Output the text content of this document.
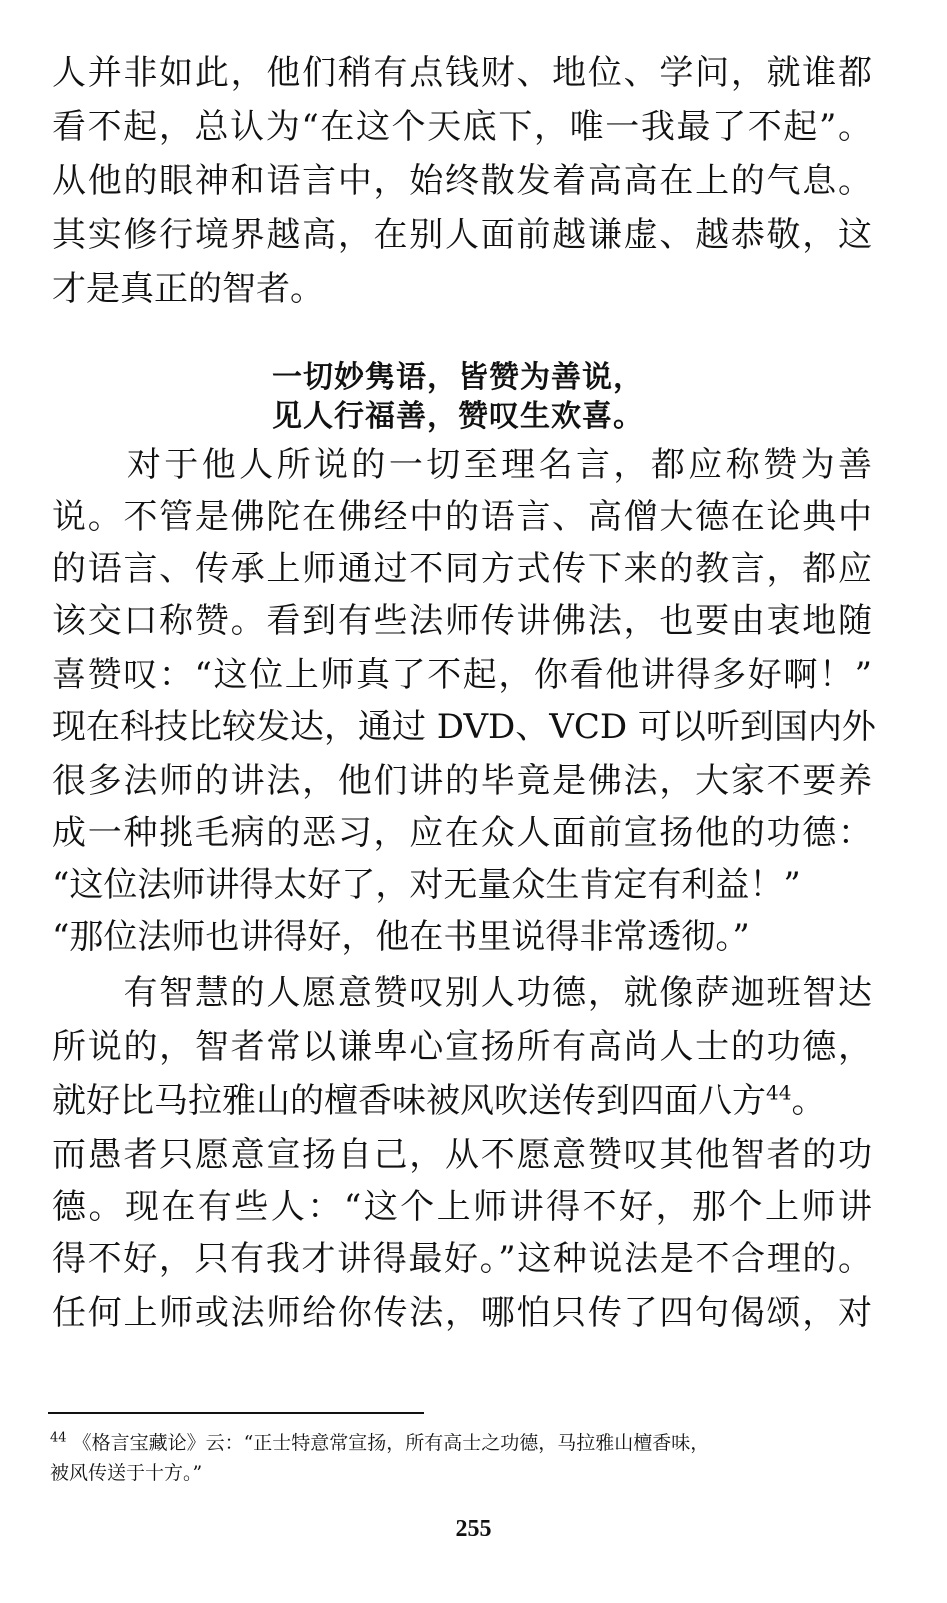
人并非如此，他们稍有点钱财、地位、学问，就谁都
看不起，总认为“在这个天底下，唯一我最了不起”。
从他的眼神和语言中，始终散发着高高在上的气息。
其实修行境界越高，在别人面前越谦虚、越恭敬，这
才是真正的智者。
一切妙隽语，皆赞为善说，
见人行福善，赞叹生欢喜。
　　对于他人所说的一切至理名言，都应称赞为善
说。不管是佛陀在佛经中的语言、高僧大德在论典中
的语言、传承上师通过不同方式传下来的教言，都应
该交口称赞。看到有些法师传讲佛法，也要由衷地随
喜赞叹：“这位上师真了不起，你看他讲得多好啊！”
现在科技比较发达，通过 DVD、VCD 可以听到国内外
很多法师的讲法，他们讲的毕竟是佛法，大家不要养
成一种挑毛病的恶习，应在众人面前宣扬他的功德：
“这位法师讲得太好了，对无量众生肯定有利益！”
“那位法师也讲得好，他在书里说得非常透彻。”
　　有智慧的人愿意赞叹别人功德，就像萨迦班智达
所说的，智者常以谦卑心宣扬所有高尚人士的功德，
就好比马拉雅山的檀香味被风吹送传到四面八方$^{44}$。
而愚者只愿意宣扬自己，从不愿意赞叹其他智者的功
德。现在有些人：“这个上师讲得不好，那个上师讲
得不好，只有我才讲得最好。”这种说法是不合理的。
任何上师或法师给你传法，哪怕只传了四句偈颂，对
$^{44}$ 《格言宝藏论》云：“正士特意常宣扬，所有高士之功德，马拉雅山檀香味，
被风传送于十方。”
255
